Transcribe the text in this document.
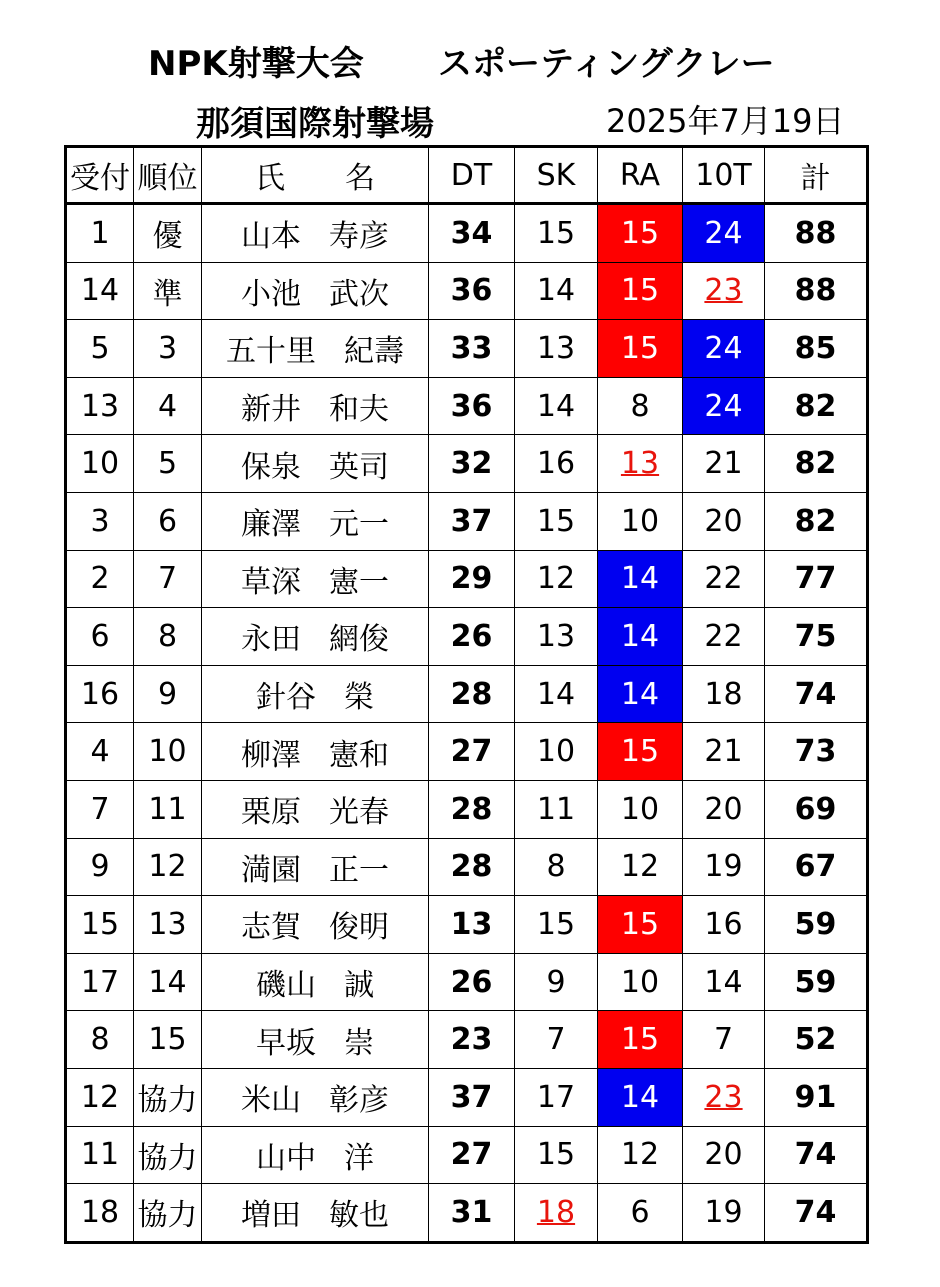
NPK射撃大会 スポーティングクレー
那須国際射撃場	2025年7月19日
受付	順位	氏　　名	DT	SK	RA	10T	計
1	優	山本 寿彦	34	15	15	24	88
14	準	小池 武次	36	14	15	23	88
5	3	五十里 紀壽	33	13	15	24	85
13	4	新井 和夫	36	14	8	24	82
10	5	保泉 英司	32	16	13	21	82
3	6	廉澤 元一	37	15	10	20	82
2	7	草深 憲一	29	12	14	22	77
6	8	永田 網俊	26	13	14	22	75
16	9	針谷 榮	28	14	14	18	74
4	10	柳澤 憲和	27	10	15	21	73
7	11	栗原 光春	28	11	10	20	69
9	12	満園 正一	28	8	12	19	67
15	13	志賀 俊明	13	15	15	16	59
17	14	磯山 誠	26	9	10	14	59
8	15	早坂 崇	23	7	15	7	52
12	協力	米山 彰彦	37	17	14	23	91
11	協力	山中 洋	27	15	12	20	74
18	協力	増田 敏也	31	18	6	19	74
